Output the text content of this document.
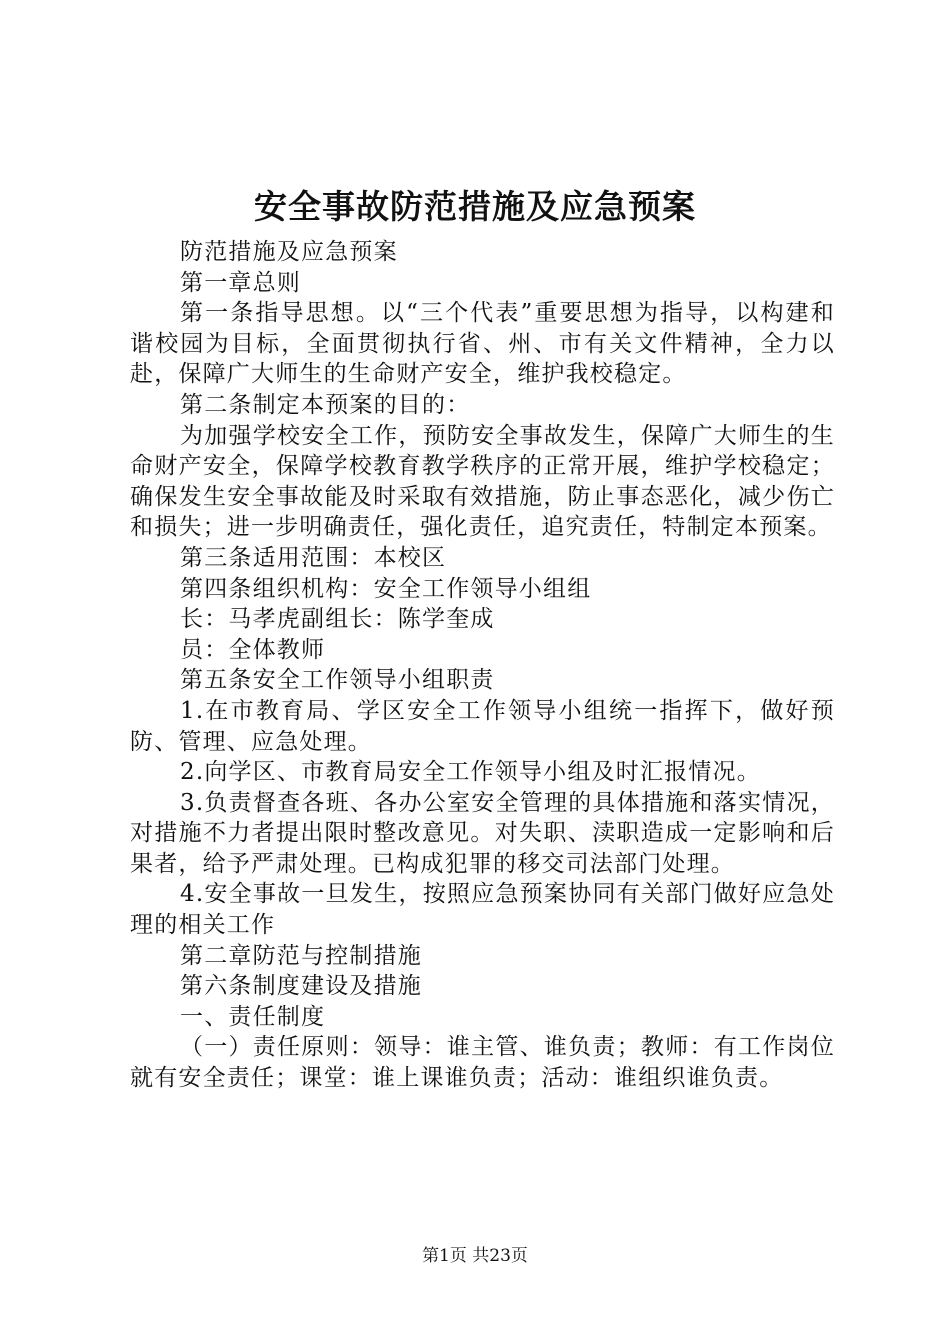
安全事故防范措施及应急预案

防范措施及应急预案

第一章总则

第一条指导思想。以“三个代表”重要思想为指导，以构建和谐校园为目标，全面贯彻执行省、州、市有关文件精神，全力以赴，保障广大师生的生命财产安全，维护我校稳定。

第二条制定本预案的目的：

为加强学校安全工作，预防安全事故发生，保障广大师生的生命财产安全，保障学校教育教学秩序的正常开展，维护学校稳定；确保发生安全事故能及时采取有效措施，防止事态恶化，减少伤亡和损失；进一步明确责任，强化责任，追究责任，特制定本预案。

第三条适用范围：本校区

第四条组织机构：安全工作领导小组组

长：马孝虎副组长：陈学奎成

员：全体教师

第五条安全工作领导小组职责

1.在市教育局、学区安全工作领导小组统一指挥下，做好预防、管理、应急处理。

2.向学区、市教育局安全工作领导小组及时汇报情况。

3.负责督查各班、各办公室安全管理的具体措施和落实情况，对措施不力者提出限时整改意见。对失职、渎职造成一定影响和后果者，给予严肃处理。已构成犯罪的移交司法部门处理。

4.安全事故一旦发生，按照应急预案协同有关部门做好应急处理的相关工作

第二章防范与控制措施

第六条制度建设及措施

一、责任制度

（一）责任原则：领导：谁主管、谁负责；教师：有工作岗位就有安全责任；课堂：谁上课谁负责；活动：谁组织谁负责。

第1页 共23页
